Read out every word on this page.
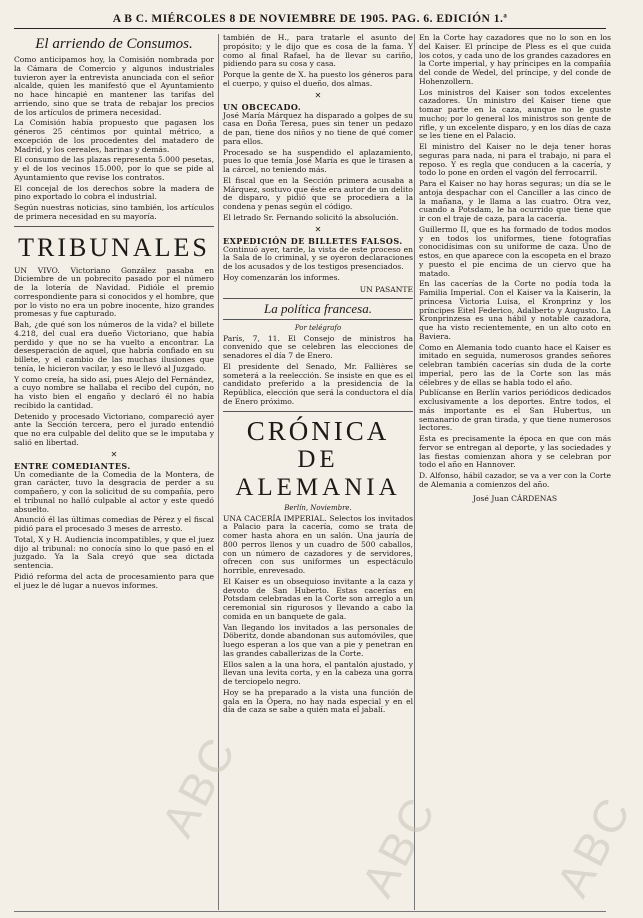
A B C. MIÉRCOLES 8 DE NOVIEMBRE DE 1905. PAG. 6. EDICIÓN 1.ª
El arriendo de Consumos.

Como anticipamos hoy, la Comisión nombrada por la Cámara de Comercio y algunos industriales tuvieron ayer la entrevista anunciada con el señor alcalde, quien les manifestó que el Ayuntamiento no hace hincapié en mantener las tarifas del arriendo, sino que se trata de rebajar los precios de los artículos de primera necesidad.

La Comisión había propuesto que pagasen los géneros 25 céntimos por quintal métrico, a excepción de los procedentes del matadero de Madrid, y los cereales, harinas y demás.

El consumo de las plazas representa 5.000 pesetas, y el de los vecinos 15.000, por lo que se pide al Ayuntamiento que revise los contratos.

El concejal de los derechos sobre la madera de pino exportado lo cobra el industrial.

Según nuestras noticias, sino también, los artículos de primera necesidad en su mayoría.

TRIBUNALES

UN VIVO. Victoriano González pasaba en Diciembre de un pobrecito pasado por el número de la lotería de Navidad. Pidióle el premio correspondiente para si conocidos y el hombre, que por lo visto no era un pobre inocente, hizo grandes promesas y fue capturado.

Bah, ¿de qué son los números de la vida? el billete 4.218, del cual era dueño Victoriano, que había perdido y que no se ha vuelto a encontrar. La desesperación de aquel, que habría confiado en su billete, y el cambio de las muchas ilusiones que tenía, le hicieron vacilar, y eso le llevó al Juzgado.

Y como creía, ha sido así, pues Alejo del Fernández, a cuyo nombre se hallaba el recibo del cupón, no ha visto bien el engaño y declaró él no había recibido la cantidad.

Detenido y procesado Victoriano, compareció ayer ante la Sección tercera, pero el jurado entendió que no era culpable del delito que se le imputaba y salió en libertad.

✕
ENTRE COMEDIANTES.

Un comediante de la Comedia de la Montera, de gran carácter, tuvo la desgracia de perder a su compañero, y con la solicitud de su compañía, pero el tribunal no halló culpable al actor y este quedó absuelto.

Anunció él las últimas comedias de Pérez y el fiscal pidió para el procesado 3 meses de arresto.

Total, X y H. Audiencia incompatibles, y que el juez dijo al tribunal: no conocía sino lo que pasó en el juzgado. Ya la Sala creyó que sea dictada sentencia.

Pidió reforma del acta de procesamiento para que el juez le dé lugar a nuevos informes.

también de H., para tratarle el asunto de propósito; y le dijo que es cosa de la fama. Y como al final Rafael, ha de llevar su cariño, pidiendo para su cosa y casa.

Porque la gente de X. ha puesto los géneros para el cuerpo, y quiso el dueño, dos almas.

✕
UN OBCECADO.

José María Márquez ha disparado a golpes de su casa en Doña Teresa, pues sin tener un pedazo de pan, tiene dos niños y no tiene de qué comer para ellos.

Procesado se ha suspendido el aplazamiento, pues lo que temía José María es que le tirasen a la cárcel, no teniendo más.

El fiscal que en la Sección primera acusaba a Márquez, sostuvo que éste era autor de un delito de disparo, y pidió que se procediera a la condena y penas según el código.

El letrado Sr. Fernando solicitó la absolución.

✕
EXPEDICIÓN DE BILLETES FALSOS.

Continuó ayer, tarde, la vista de este proceso en la Sala de lo criminal, y se oyeron declaraciones de los acusados y de los testigos presenciados.

Hoy comenzarán los informes.

UN PASANTE
La política francesa.
Por telégrafo

París, 7, 11. El Consejo de ministros ha convenido que se celebren las elecciones de senadores el día 7 de Enero.

El presidente del Senado, Mr. Fallières se someterá a la reelección. Se insiste en que es el candidato preferido a la presidencia de la República, elección que será la conductora el día de Enero próximo.

CRÓNICA
DE ALEMANIA
Berlín, Noviembre.

UNA CACERÍA IMPERIAL. Selectos los invitados a Palacio para la cacería, como se trata de comer hasta ahora en un salón. Una jauría de 800 perros llenos y un cuadro de 500 caballos, con un número de cazadores y de servidores, ofrecen con sus uniformes un espectáculo horrible, enrevesado.

El Kaiser es un obsequioso invitante a la caza y devoto de San Huberto. Estas cacerías en Potsdam celebradas en la Corte son arreglo a un ceremonial sin rigurosos y llevando a cabo la comida en un banquete de gala.

Van llegando los invitados a las personales de Döberitz, donde abandonan sus automóviles, que luego esperan a los que van a pie y penetran en las grandes caballerizas de la Corte.

Ellos salen a la una hora, el pantalón ajustado, y llevan una levita corta, y en la cabeza una gorra de terciopelo negro.

Hoy se ha preparado a la vista una función de gala en la Ópera, no hay nada especial y en el día de caza se sabe a quién mata el jabalí.

En la Corte hay cazadores que no lo son en los del Kaiser. El príncipe de Pless es el que cuida los cotos, y cada uno de los grandes cazadores en la Corte imperial, y hay príncipes en la compañía del conde de Wedel, del príncipe, y del conde de Hohenzollern.

Los ministros del Kaiser son todos excelentes cazadores. Un ministro del Kaiser tiene que tomar parte en la caza, aunque no le guste mucho; por lo general los ministros son gente de rifle, y un excelente disparo, y en los días de caza se les tiene en el Palacio.

El ministro del Kaiser no le deja tener horas seguras para nada, ni para el trabajo, ni para el reposo. Y es regla que conducen a la cacería, y todo lo pone en orden el vagón del ferrocarril.

Para el Kaiser no hay horas seguras; un día se le antoja despachar con el Canciller a las cinco de la mañana, y le llama a las cuatro. Otra vez, cuando a Potsdam, le ha ocurrido que tiene que ir con el traje de caza, para la cacería.

Guillermo II, que es ha formado de todos modos y en todos los uniformes, tiene fotografías conocidísimas con su uniforme de caza. Uno de estos, en que aparece con la escopeta en el brazo y puesto el pie encima de un ciervo que ha matado.

En las cacerías de la Corte no podía toda la Familia Imperial. Con el Kaiser va la Kaiserin, la princesa Victoria Luisa, el Kronprinz y los príncipes Eitel Federico, Adalberto y Augusto. La Kronprinzesa es una hábil y notable cazadora, que ha visto recientemente, en un alto coto en Baviera.

Como en Alemania todo cuanto hace el Kaiser es imitado en seguida, numerosos grandes señores celebran también cacerías sin duda de la corte imperial, pero las de la Corte son las más célebres y de ellas se habla todo el año.

Publícanse en Berlín varios periódicos dedicados exclusivamente a los deportes. Entre todos, el más importante es el San Hubertus, un semanario de gran tirada, y que tiene numerosos lectores.

Esta es precisamente la época en que con más fervor se entregan al deporte, y las sociedades y las fiestas comienzan ahora y se celebran por todo el año en Hannover.

D. Alfonso, hábil cazador, se va a ver con la Corte de Alemania a comienzos del año.

José Juan CÁRDENAS
ABC
ABC ABC
